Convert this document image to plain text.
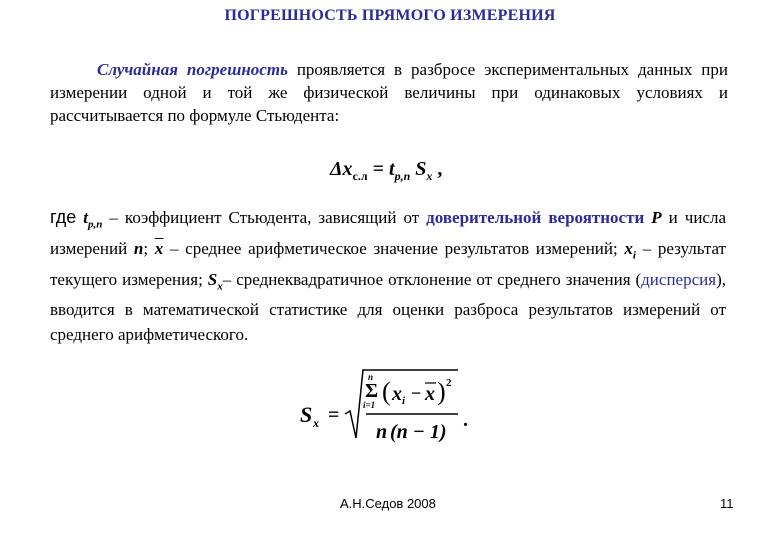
ПОГРЕШНОСТЬ ПРЯМОГО ИЗМЕРЕНИЯ
Случайная погрешность проявляется в разбросе экспериментальных данных при измерении одной и той же физической величины при одинаковых условиях и рассчитывается по формуле Стьюдента:
$\Delta x_{с.л} = t_{p,n}$ $S_x$ ,
где $t_{p,n}$ – коэффициент Стьюдента, зависящий от доверительной вероятности P и числа измерений n; $\overline{x}$ – среднее арифметическое значение результатов измерений; $x_i$ – результат текущего измерения; $S_x-$ среднеквадратичное отклонение от среднего значения (дисперсия), вводится в математической статистике для оценки разброса результатов измерений от среднего арифметического.
S x =
n
Σ
i=1 ( x i − x ) 2
n (n − 1)
.
А.Н.Седов 2008	11
